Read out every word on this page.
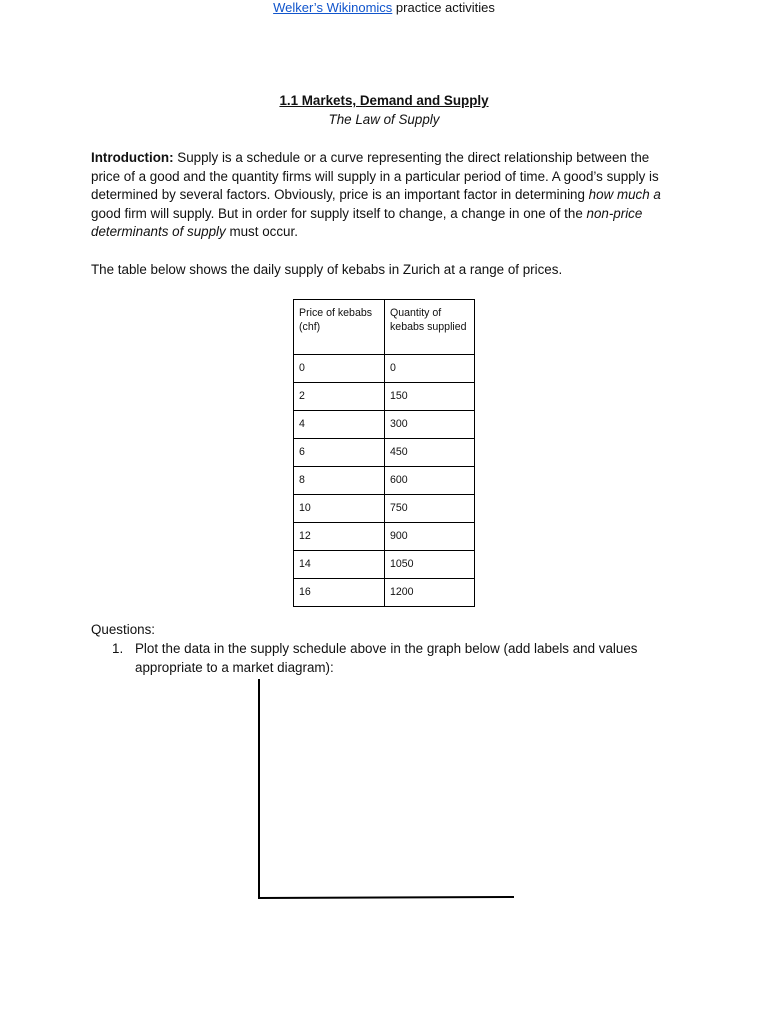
Welker’s Wikinomics practice activities
1.1 Markets, Demand and Supply
The Law of Supply

Introduction: Supply is a schedule or a curve representing the direct relationship between the price of a good and the quantity firms will supply in a particular period of time. A good’s supply is determined by several factors. Obviously, price is an important factor in determining how much a good firm will supply. But in order for supply itself to change, a change in one of the non-price determinants of supply must occur.

The table below shows the daily supply of kebabs in Zurich at a range of prices.
Price of kebabs (chf)	Quantity of kebabs supplied
0	0
2	150
4	300
6	450
8	600
10	750
12	900
14	1050
16	1200
Questions:
1. Plot the data in the supply schedule above in the graph below (add labels and values appropriate to a market diagram):
